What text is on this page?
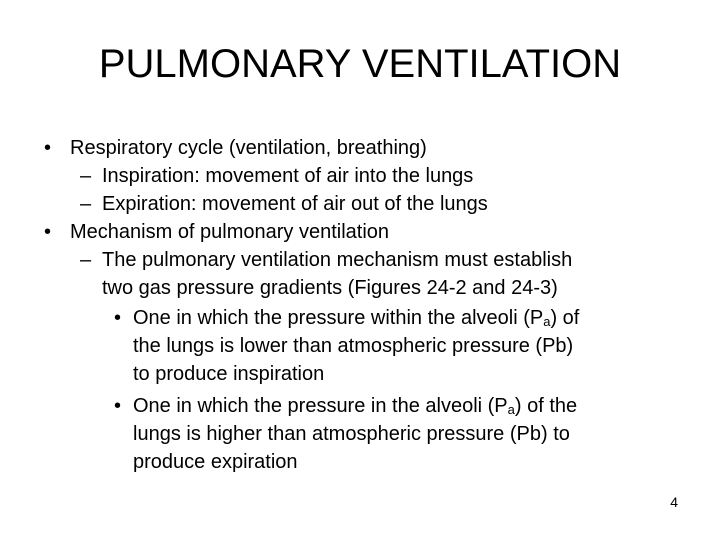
PULMONARY VENTILATION
• Respiratory cycle (ventilation, breathing)
– Inspiration: movement of air into the lungs
– Expiration: movement of air out of the lungs
• Mechanism of pulmonary ventilation
– The pulmonary ventilation mechanism must establish
two gas pressure gradients (Figures 24-2 and 24-3)
• One in which the pressure within the alveoli $(P_a)$ of
the lungs is lower than atmospheric pressure (Pb)
to produce inspiration
• One in which the pressure in the alveoli $(P_a)$ of the
lungs is higher than atmospheric pressure (Pb) to
produce expiration
4
